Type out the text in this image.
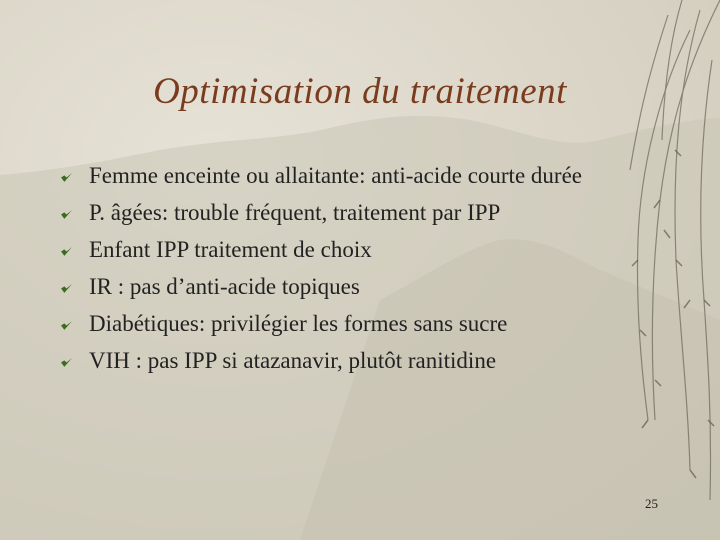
Optimisation du traitement
Femme enceinte ou allaitante: anti-acide courte durée
P. âgées: trouble fréquent, traitement par IPP
Enfant IPP traitement de choix
IR : pas d’anti-acide topiques
Diabétiques: privilégier les formes sans sucre
VIH : pas IPP si atazanavir, plutôt ranitidine
25
